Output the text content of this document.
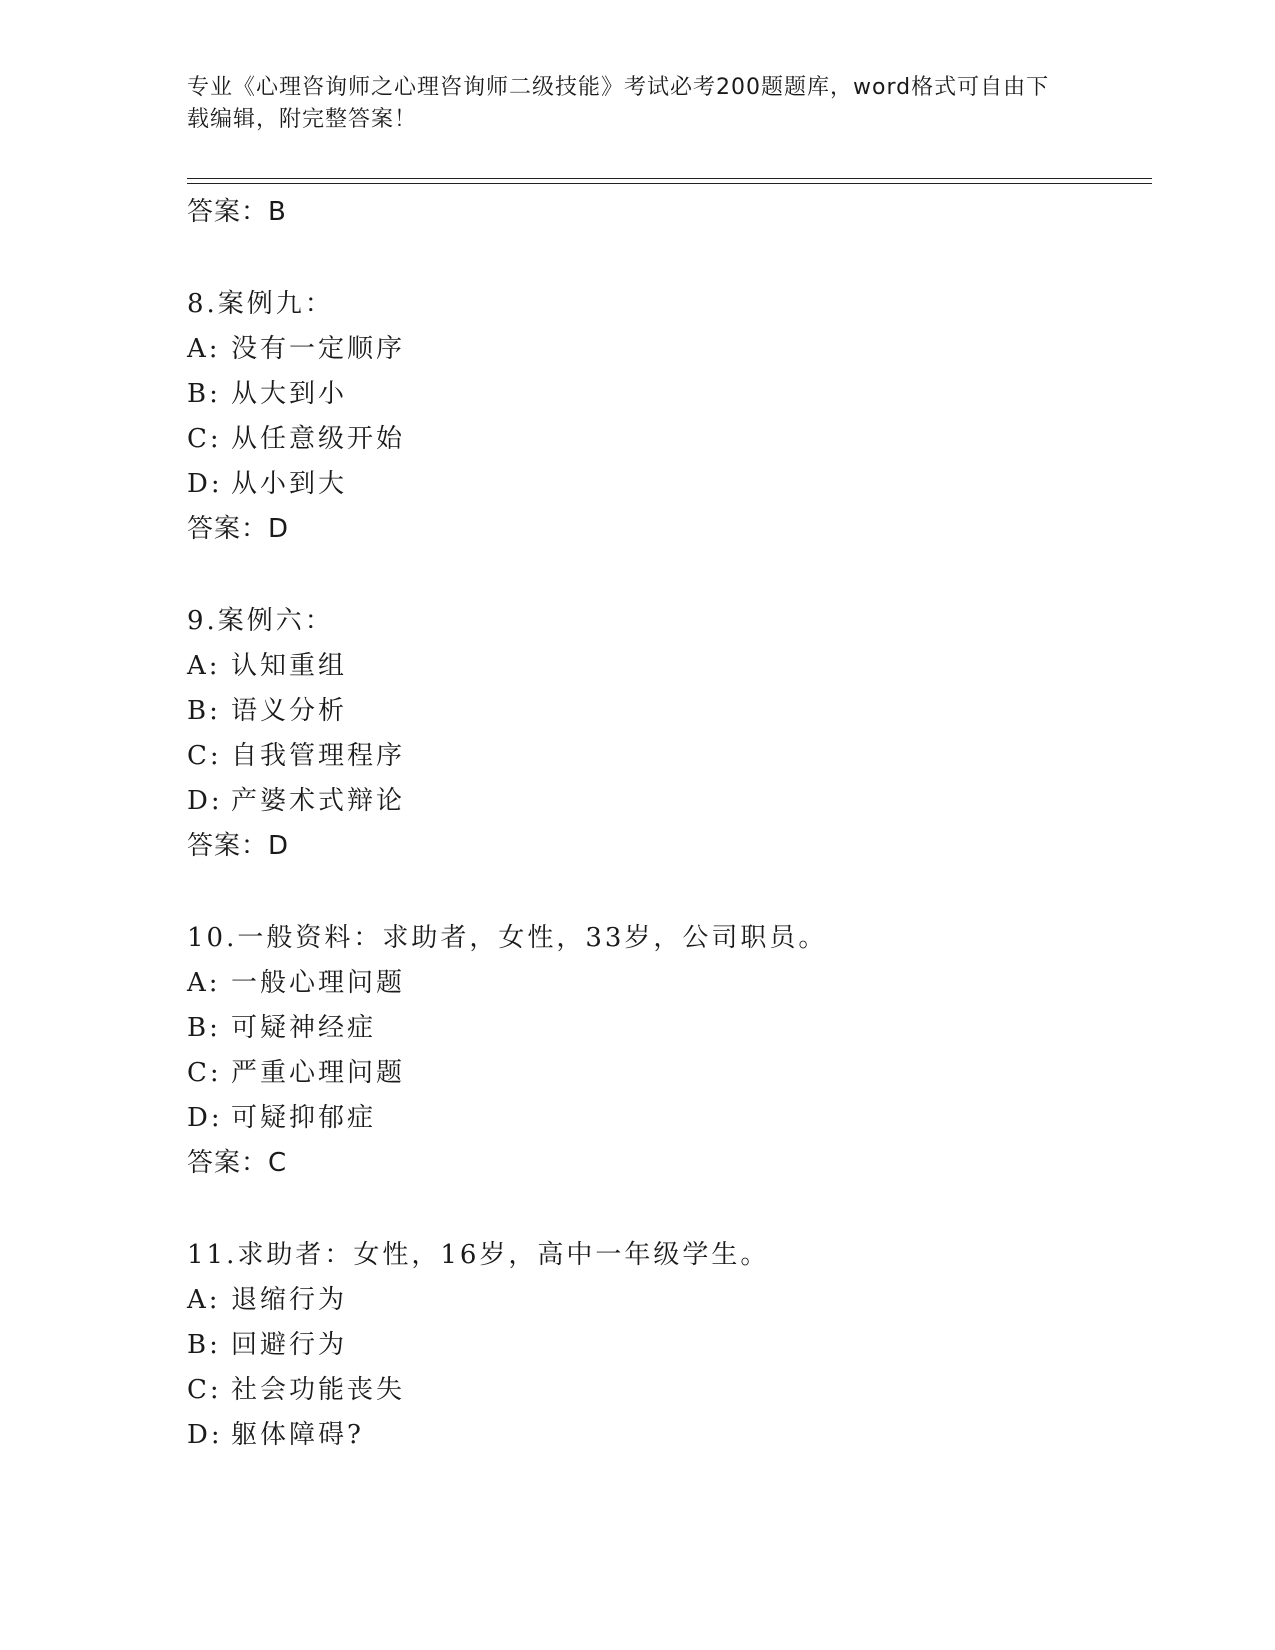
专业《心理咨询师之心理咨询师二级技能》考试必考200题题库，word格式可自由下载编辑，附完整答案！
答案：B
8.案例九：
A: 没有一定顺序
B: 从大到小
C: 从任意级开始
D: 从小到大
答案：D
9.案例六：
A: 认知重组
B: 语义分析
C: 自我管理程序
D: 产婆术式辩论
答案：D
10.一般资料：求助者，女性，33岁，公司职员。
A: 一般心理问题
B: 可疑神经症
C: 严重心理问题
D: 可疑抑郁症
答案：C
11.求助者：女性，16岁，高中一年级学生。
A: 退缩行为
B: 回避行为
C: 社会功能丧失
D: 躯体障碍?
